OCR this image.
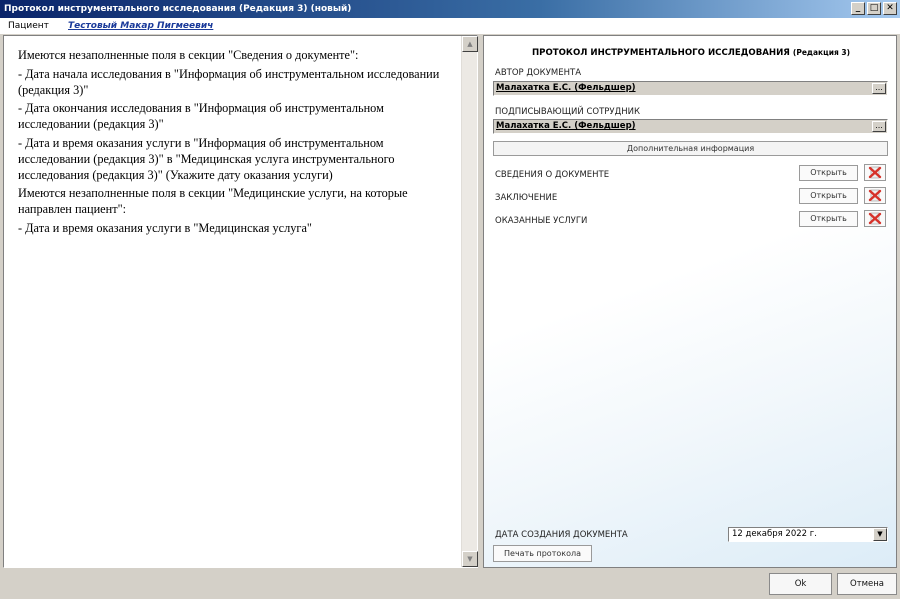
Протокол инструментального исследования (Редакция 3) (новый)	_	□ ✕
Пациент Тестовый Макар Пигмеевич

Имеются незаполненные поля в секции "Сведения о документе":

- Дата начала исследования в "Информация об инструментальном исследовании (редакция 3)"

- Дата окончания исследования в "Информация об инструментальном исследовании (редакция 3)"

- Дата и время оказания услуги в "Информация об инструментальном исследовании (редакция 3)" в "Медицинская услуга инструментального исследования (редакция 3)" (Укажите дату оказания услуги)

Имеются незаполненные поля в секции "Медицинские услуги, на которые направлен пациент":

- Дата и время оказания услуги в "Медицинская услуга"

▲
▼
ПРОТОКОЛ ИНСТРУМЕНТАЛЬНОГО ИССЛЕДОВАНИЯ (Редакция 3)
АВТОР ДОКУМЕНТА
Малахатка Е.С. (Фельдшер)	...
ПОДПИСЫВАЮЩИЙ СОТРУДНИК
Малахатка Е.С. (Фельдшер)	...
Дополнительная информация
СВЕДЕНИЯ О ДОКУМЕНТЕ	Открыть
ЗАКЛЮЧЕНИЕ	Открыть
ОКАЗАННЫЕ УСЛУГИ	Открыть
ДАТА СОЗДАНИЯ ДОКУМЕНТА	12 декабря 2022 г.	▼
Печать протокола
Ok	Отмена
